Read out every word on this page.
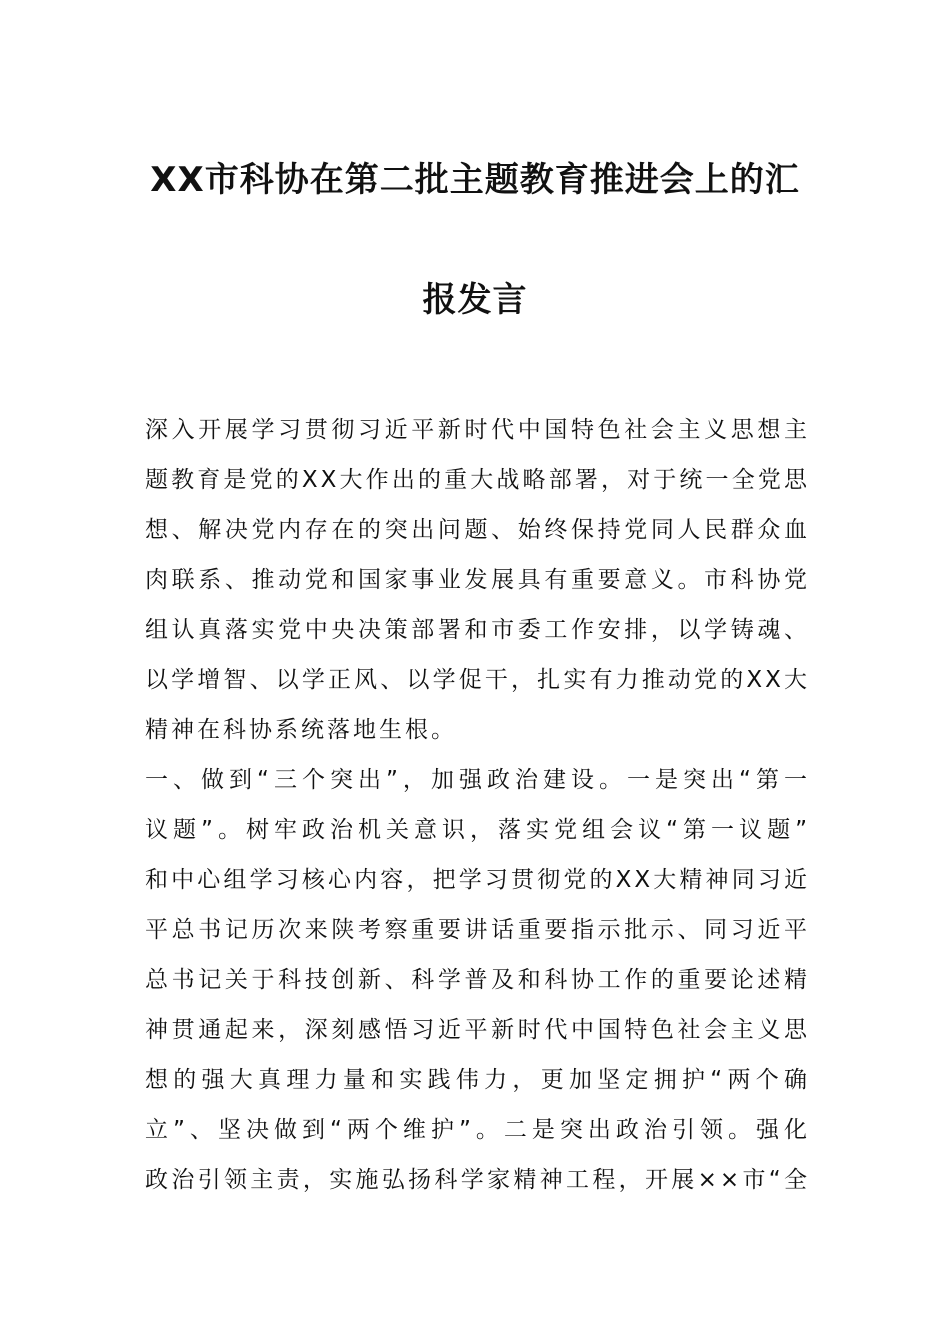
XX市科协在第二批主题教育推进会上的汇
报发言
深入开展学习贯彻习近平新时代中国特色社会主义思想主
题教育是党的XX大作出的重大战略部署，对于统一全党思
想、解决党内存在的突出问题、始终保持党同人民群众血
肉联系、推动党和国家事业发展具有重要意义。市科协党
组认真落实党中央决策部署和市委工作安排，以学铸魂、
以学增智、以学正风、以学促干，扎实有力推动党的XX大
精神在科协系统落地生根。
一、做到“三个突出”，加强政治建设。一是突出“第一
议题”。树牢政治机关意识，落实党组会议“第一议题”
和中心组学习核心内容，把学习贯彻党的XX大精神同习近
平总书记历次来陕考察重要讲话重要指示批示、同习近平
总书记关于科技创新、科学普及和科协工作的重要论述精
神贯通起来，深刻感悟习近平新时代中国特色社会主义思
想的强大真理力量和实践伟力，更加坚定拥护“两个确
立”、坚决做到“两个维护”。二是突出政治引领。强化
政治引领主责，实施弘扬科学家精神工程，开展××市“全
